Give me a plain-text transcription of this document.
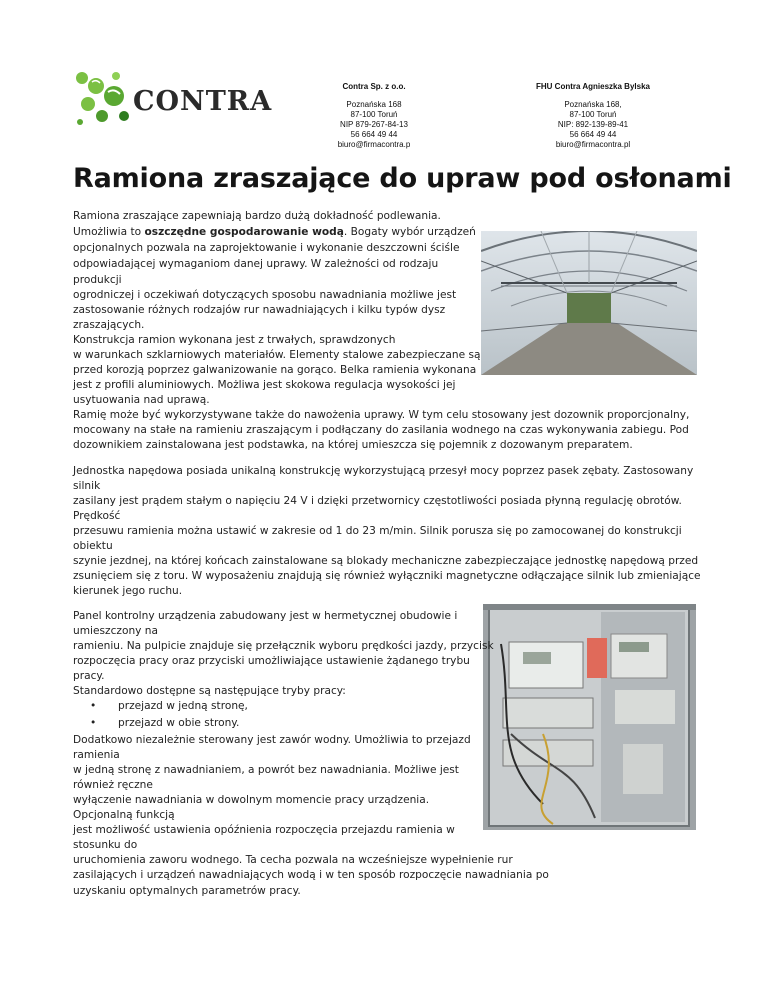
CONTRA	Contra Sp. z o.o.
Poznańska 168
87-100 Toruń
NIP 879-267-84-13
56 664 49 44
biuro@firmacontra.p
FHU Contra Agnieszka Bylska
Poznańska 168,
87-100 Toruń
NIP: 892-139-89-41
56 664 49 44
biuro@firmacontra.pl
Ramiona zraszające do upraw pod osłonami
Ramiona zraszające zapewniają bardzo dużą dokładność podlewania.
Umożliwia to oszczędne gospodarowanie wodą. Bogaty wybór urządzeń
opcjonalnych pozwala na zaprojektowanie i wykonanie deszczowni ściśle
odpowiadającej wymaganiom danej uprawy. W zależności od rodzaju
produkcji
ogrodniczej i oczekiwań dotyczących sposobu nawadniania możliwe jest
zastosowanie różnych rodzajów rur nawadniających i kilku typów dysz
zraszających.
Konstrukcja ramion wykonana jest z trwałych, sprawdzonych
w warunkach szklarniowych materiałów. Elementy stalowe zabezpieczane są
przed korozją poprzez galwanizowanie na gorąco. Belka ramienia wykonana
jest z profili aluminiowych. Możliwa jest skokowa regulacja wysokości jej
usytuowania nad uprawą.
Ramię może być wykorzystywane także do nawożenia uprawy. W tym celu stosowany jest dozownik proporcjonalny,
mocowany na stałe na ramieniu zraszającym i podłączany do zasilania wodnego na czas wykonywania zabiegu. Pod
dozownikiem zainstalowana jest podstawka, na której umieszcza się pojemnik z dozowanym preparatem.
Jednostka napędowa posiada unikalną konstrukcję wykorzystującą przesył mocy poprzez pasek zębaty. Zastosowany
silnik
zasilany jest prądem stałym o napięciu 24 V i dzięki przetwornicy częstotliwości posiada płynną regulację obrotów.
Prędkość
przesuwu ramienia można ustawić w zakresie od 1 do 23 m/min. Silnik porusza się po zamocowanej do konstrukcji
obiektu
szynie jezdnej, na której końcach zainstalowane są blokady mechaniczne zabezpieczające jednostkę napędową przed
zsunięciem się z toru. W wyposażeniu znajdują się również wyłączniki magnetyczne odłączające silnik lub zmieniające
kierunek jego ruchu.
Panel kontrolny urządzenia zabudowany jest w hermetycznej obudowie i
umieszczony na
ramieniu. Na pulpicie znajduje się przełącznik wyboru prędkości jazdy, przycisk
rozpoczęcia pracy oraz przyciski umożliwiające ustawienie żądanego trybu
pracy.
Standardowo dostępne są następujące tryby pracy:
• przejazd w jedną stronę,
• przejazd w obie strony.
Dodatkowo niezależnie sterowany jest zawór wodny. Umożliwia to przejazd
ramienia
w jedną stronę z nawadnianiem, a powrót bez nawadniania. Możliwe jest
również ręczne
wyłączenie nawadniania w dowolnym momencie pracy urządzenia.
Opcjonalną funkcją
jest możliwość ustawienia opóźnienia rozpoczęcia przejazdu ramienia w
stosunku do
uruchomienia zaworu wodnego. Ta cecha pozwala na wcześniejsze wypełnienie rur
zasilających i urządzeń nawadniających wodą i w ten sposób rozpoczęcie nawadniania po
uzyskaniu optymalnych parametrów pracy.
